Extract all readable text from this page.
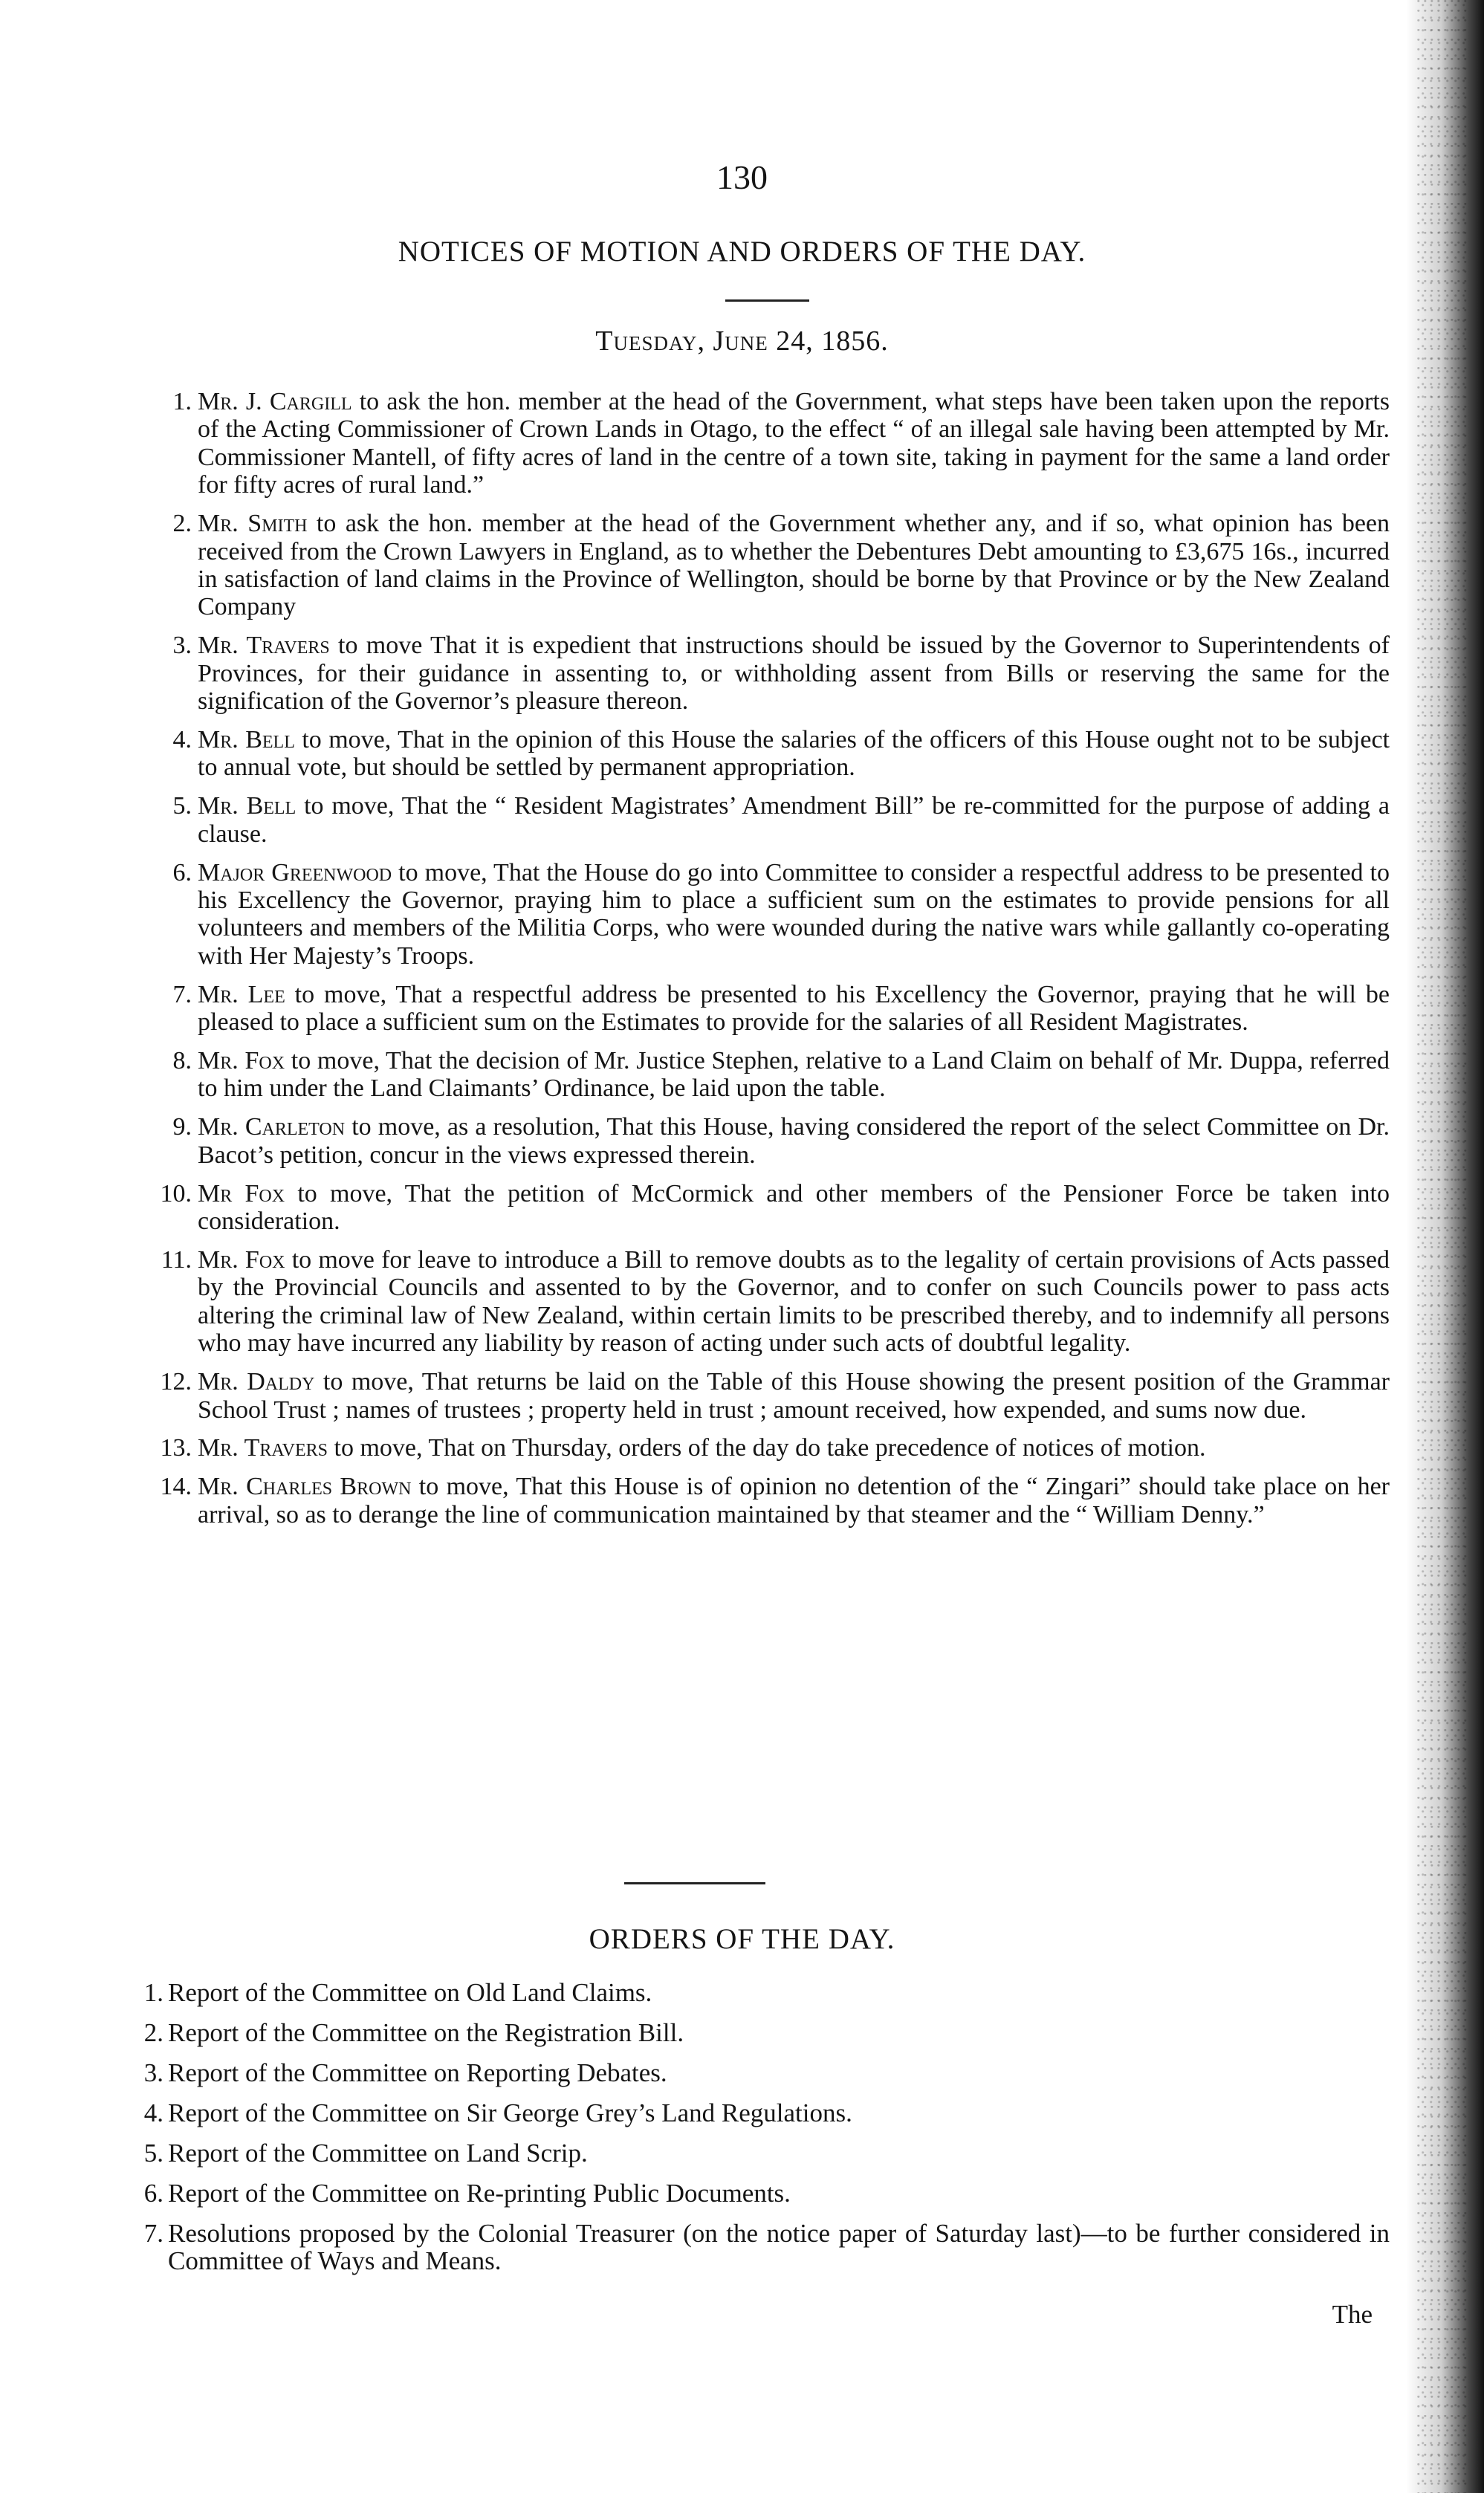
130
NOTICES OF MOTION AND ORDERS OF THE DAY.
Tuesday, June 24, 1856.
1. Mr. J. Cargill to ask the hon. member at the head of the Government, what steps have been taken upon the reports of the Acting Commissioner of Crown Lands in Otago, to the effect “ of an illegal sale having been attempted by Mr. Commissioner Mantell, of fifty acres of land in the centre of a town site, taking in payment for the same a land order for fifty acres of rural land.”
2. Mr. Smith to ask the hon. member at the head of the Government whether any, and if so, what opinion has been received from the Crown Lawyers in England, as to whether the Debentures Debt amounting to £3,675 16s., incurred in satisfaction of land claims in the Province of Wellington, should be borne by that Province or by the New Zealand Company
3. Mr. Travers to move That it is expedient that instructions should be issued by the Governor to Superintendents of Provinces, for their guidance in assenting to, or withholding assent from Bills or reserving the same for the signification of the Governor’s pleasure thereon.
4. Mr. Bell to move, That in the opinion of this House the salaries of the officers of this House ought not to be subject to annual vote, but should be settled by permanent appropriation.
5. Mr. Bell to move, That the “ Resident Magistrates’ Amendment Bill” be re-committed for the purpose of adding a clause.
6. Major Greenwood to move, That the House do go into Committee to consider a respectful address to be presented to his Excellency the Governor, praying him to place a sufficient sum on the estimates to provide pensions for all volunteers and members of the Militia Corps, who were wounded during the native wars while gallantly co-operating with Her Majesty’s Troops.
7. Mr. Lee to move, That a respectful address be presented to his Excellency the Governor, praying that he will be pleased to place a sufficient sum on the Estimates to provide for the salaries of all Resident Magistrates.
8. Mr. Fox to move, That the decision of Mr. Justice Stephen, relative to a Land Claim on behalf of Mr. Duppa, referred to him under the Land Claimants’ Ordinance, be laid upon the table.
9. Mr. Carleton to move, as a resolution, That this House, having considered the report of the select Committee on Dr. Bacot’s petition, concur in the views expressed therein.
10. Mr Fox to move, That the petition of McCormick and other members of the Pensioner Force be taken into consideration.
11. Mr. Fox to move for leave to introduce a Bill to remove doubts as to the legality of certain provisions of Acts passed by the Provincial Councils and assented to by the Governor, and to confer on such Councils power to pass acts altering the criminal law of New Zealand, within certain limits to be prescribed thereby, and to indemnify all persons who may have incurred any liability by reason of acting under such acts of doubtful legality.
12. Mr. Daldy to move, That returns be laid on the Table of this House showing the present position of the Grammar School Trust ; names of trustees ; property held in trust ; amount received, how expended, and sums now due.
13. Mr. Travers to move, That on Thursday, orders of the day do take precedence of notices of motion.
14. Mr. Charles Brown to move, That this House is of opinion no detention of the “ Zingari” should take place on her arrival, so as to derange the line of communication maintained by that steamer and the “ William Denny.”
ORDERS OF THE DAY.
1. Report of the Committee on Old Land Claims.
2. Report of the Committee on the Registration Bill.
3. Report of the Committee on Reporting Debates.
4. Report of the Committee on Sir George Grey’s Land Regulations.
5. Report of the Committee on Land Scrip.
6. Report of the Committee on Re-printing Public Documents.
7. Resolutions proposed by the Colonial Treasurer (on the notice paper of Saturday last)—to be further considered in Committee of Ways and Means.
The
